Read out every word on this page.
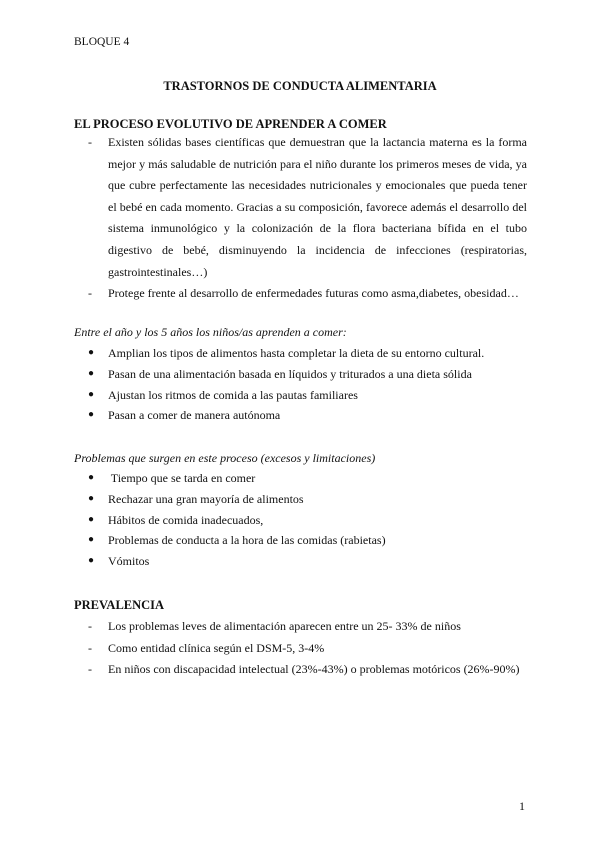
BLOQUE 4
TRASTORNOS DE CONDUCTA ALIMENTARIA
EL PROCESO EVOLUTIVO DE APRENDER A COMER
- Existen sólidas bases científicas que demuestran que la lactancia materna es la forma mejor y más saludable de nutrición para el niño durante los primeros meses de vida, ya que cubre perfectamente las necesidades nutricionales y emocionales que pueda tener el bebé en cada momento. Gracias a su composición, favorece además el desarrollo del sistema inmunológico y la colonización de la flora bacteriana bífida en el tubo digestivo de bebé, disminuyendo la incidencia de infecciones (respiratorias, gastrointestinales…)
- Protege frente al desarrollo de enfermedades futuras como asma,diabetes, obesidad…
Entre el año y los 5 años los niños/as aprenden a comer:
● Amplian los tipos de alimentos hasta completar la dieta de su entorno cultural.
● Pasan de una alimentación basada en líquidos y triturados a una dieta sólida
● Ajustan los ritmos de comida a las pautas familiares
● Pasan a comer de manera autónoma
Problemas que surgen en este proceso (excesos y limitaciones)
● Tiempo que se tarda en comer
● Rechazar una gran mayoría de alimentos
● Hábitos de comida inadecuados,
● Problemas de conducta a la hora de las comidas (rabietas)
● Vómitos
PREVALENCIA
- Los problemas leves de alimentación aparecen entre un 25- 33% de niños
- Como entidad clínica según el DSM-5, 3-4%
- En niños con discapacidad intelectual (23%-43%) o problemas motóricos (26%-90%)
1
